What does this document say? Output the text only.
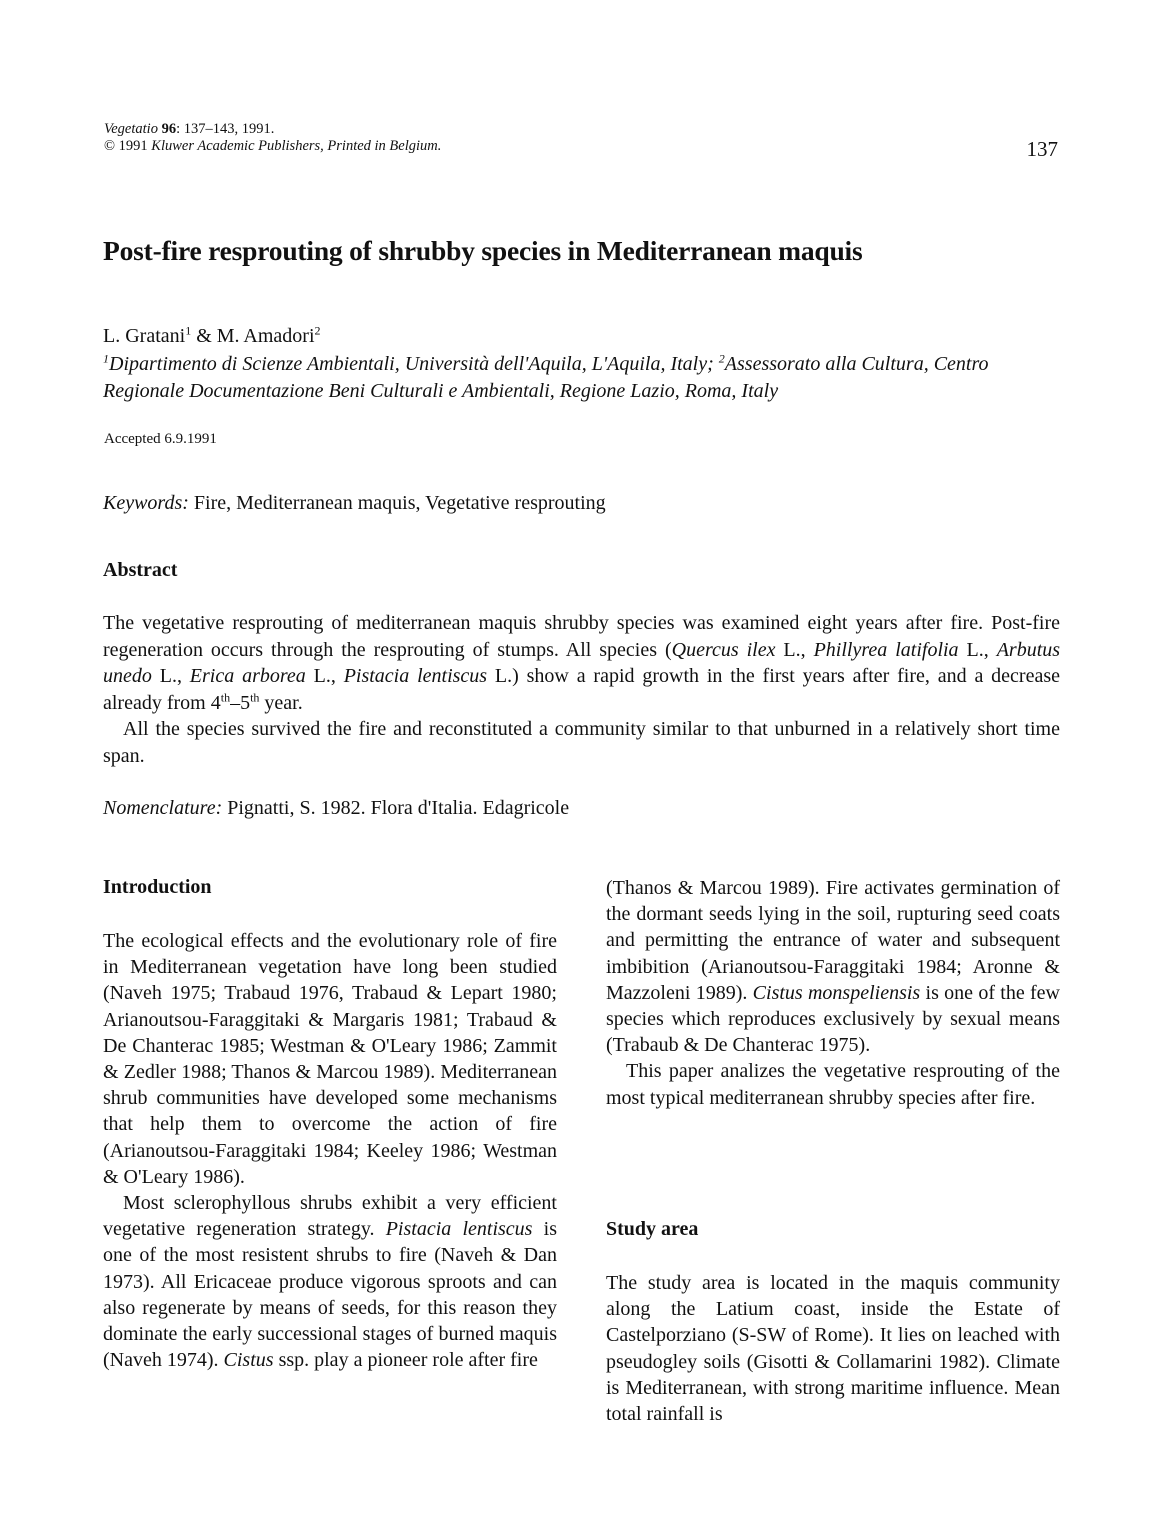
Vegetatio 96: 137–143, 1991.
© 1991 Kluwer Academic Publishers, Printed in Belgium.	137
Post-fire resprouting of shrubby species in Mediterranean maquis
L. Gratani$^1$ & M. Amadori$^2$
$^1$Dipartimento di Scienze Ambientali, Università dell'Aquila, L'Aquila, Italy; $^2$Assessorato alla Cultura, Centro Regionale Documentazione Beni Culturali e Ambientali, Regione Lazio, Roma, Italy
Accepted 6.9.1991
Keywords: Fire, Mediterranean maquis, Vegetative resprouting
Abstract

The vegetative resprouting of mediterranean maquis shrubby species was examined eight years after fire. Post-fire regeneration occurs through the resprouting of stumps. All species (Quercus ilex L., Phillyrea latifolia L., Arbutus unedo L., Erica arborea L., Pistacia lentiscus L.) show a rapid growth in the first years after fire, and a decrease already from 4th–5th year.

All the species survived the fire and reconstituted a community similar to that unburned in a relatively short time span.

Nomenclature: Pignatti, S. 1982. Flora d'Italia. Edagricole
Introduction

The ecological effects and the evolutionary role of fire in Mediterranean vegetation have long been studied (Naveh 1975; Trabaud 1976, Trabaud & Lepart 1980; Arianoutsou-Faraggitaki & Margaris 1981; Trabaud & De Chanterac 1985; Westman & O'Leary 1986; Zammit & Zedler 1988; Thanos & Marcou 1989). Mediterranean shrub communities have developed some mechanisms that help them to overcome the action of fire (Arianoutsou-Faraggitaki 1984; Keeley 1986; Westman & O'Leary 1986).

Most sclerophyllous shrubs exhibit a very efficient vegetative regeneration strategy. Pistacia lentiscus is one of the most resistent shrubs to fire (Naveh & Dan 1973). All Ericaceae produce vigorous sproots and can also regenerate by means of seeds, for this reason they dominate the early successional stages of burned maquis (Naveh 1974). Cistus ssp. play a pioneer role after fire

(Thanos & Marcou 1989). Fire activates germination of the dormant seeds lying in the soil, rupturing seed coats and permitting the entrance of water and subsequent imbibition (Arianoutsou-Faraggitaki 1984; Aronne & Mazzoleni 1989). Cistus monspeliensis is one of the few species which reproduces exclusively by sexual means (Trabaub & De Chanterac 1975).

This paper analizes the vegetative resprouting of the most typical mediterranean shrubby species after fire.

Study area

The study area is located in the maquis community along the Latium coast, inside the Estate of Castelporziano (S-SW of Rome). It lies on leached with pseudogley soils (Gisotti & Collamarini 1982). Climate is Mediterranean, with strong maritime influence. Mean total rainfall is
